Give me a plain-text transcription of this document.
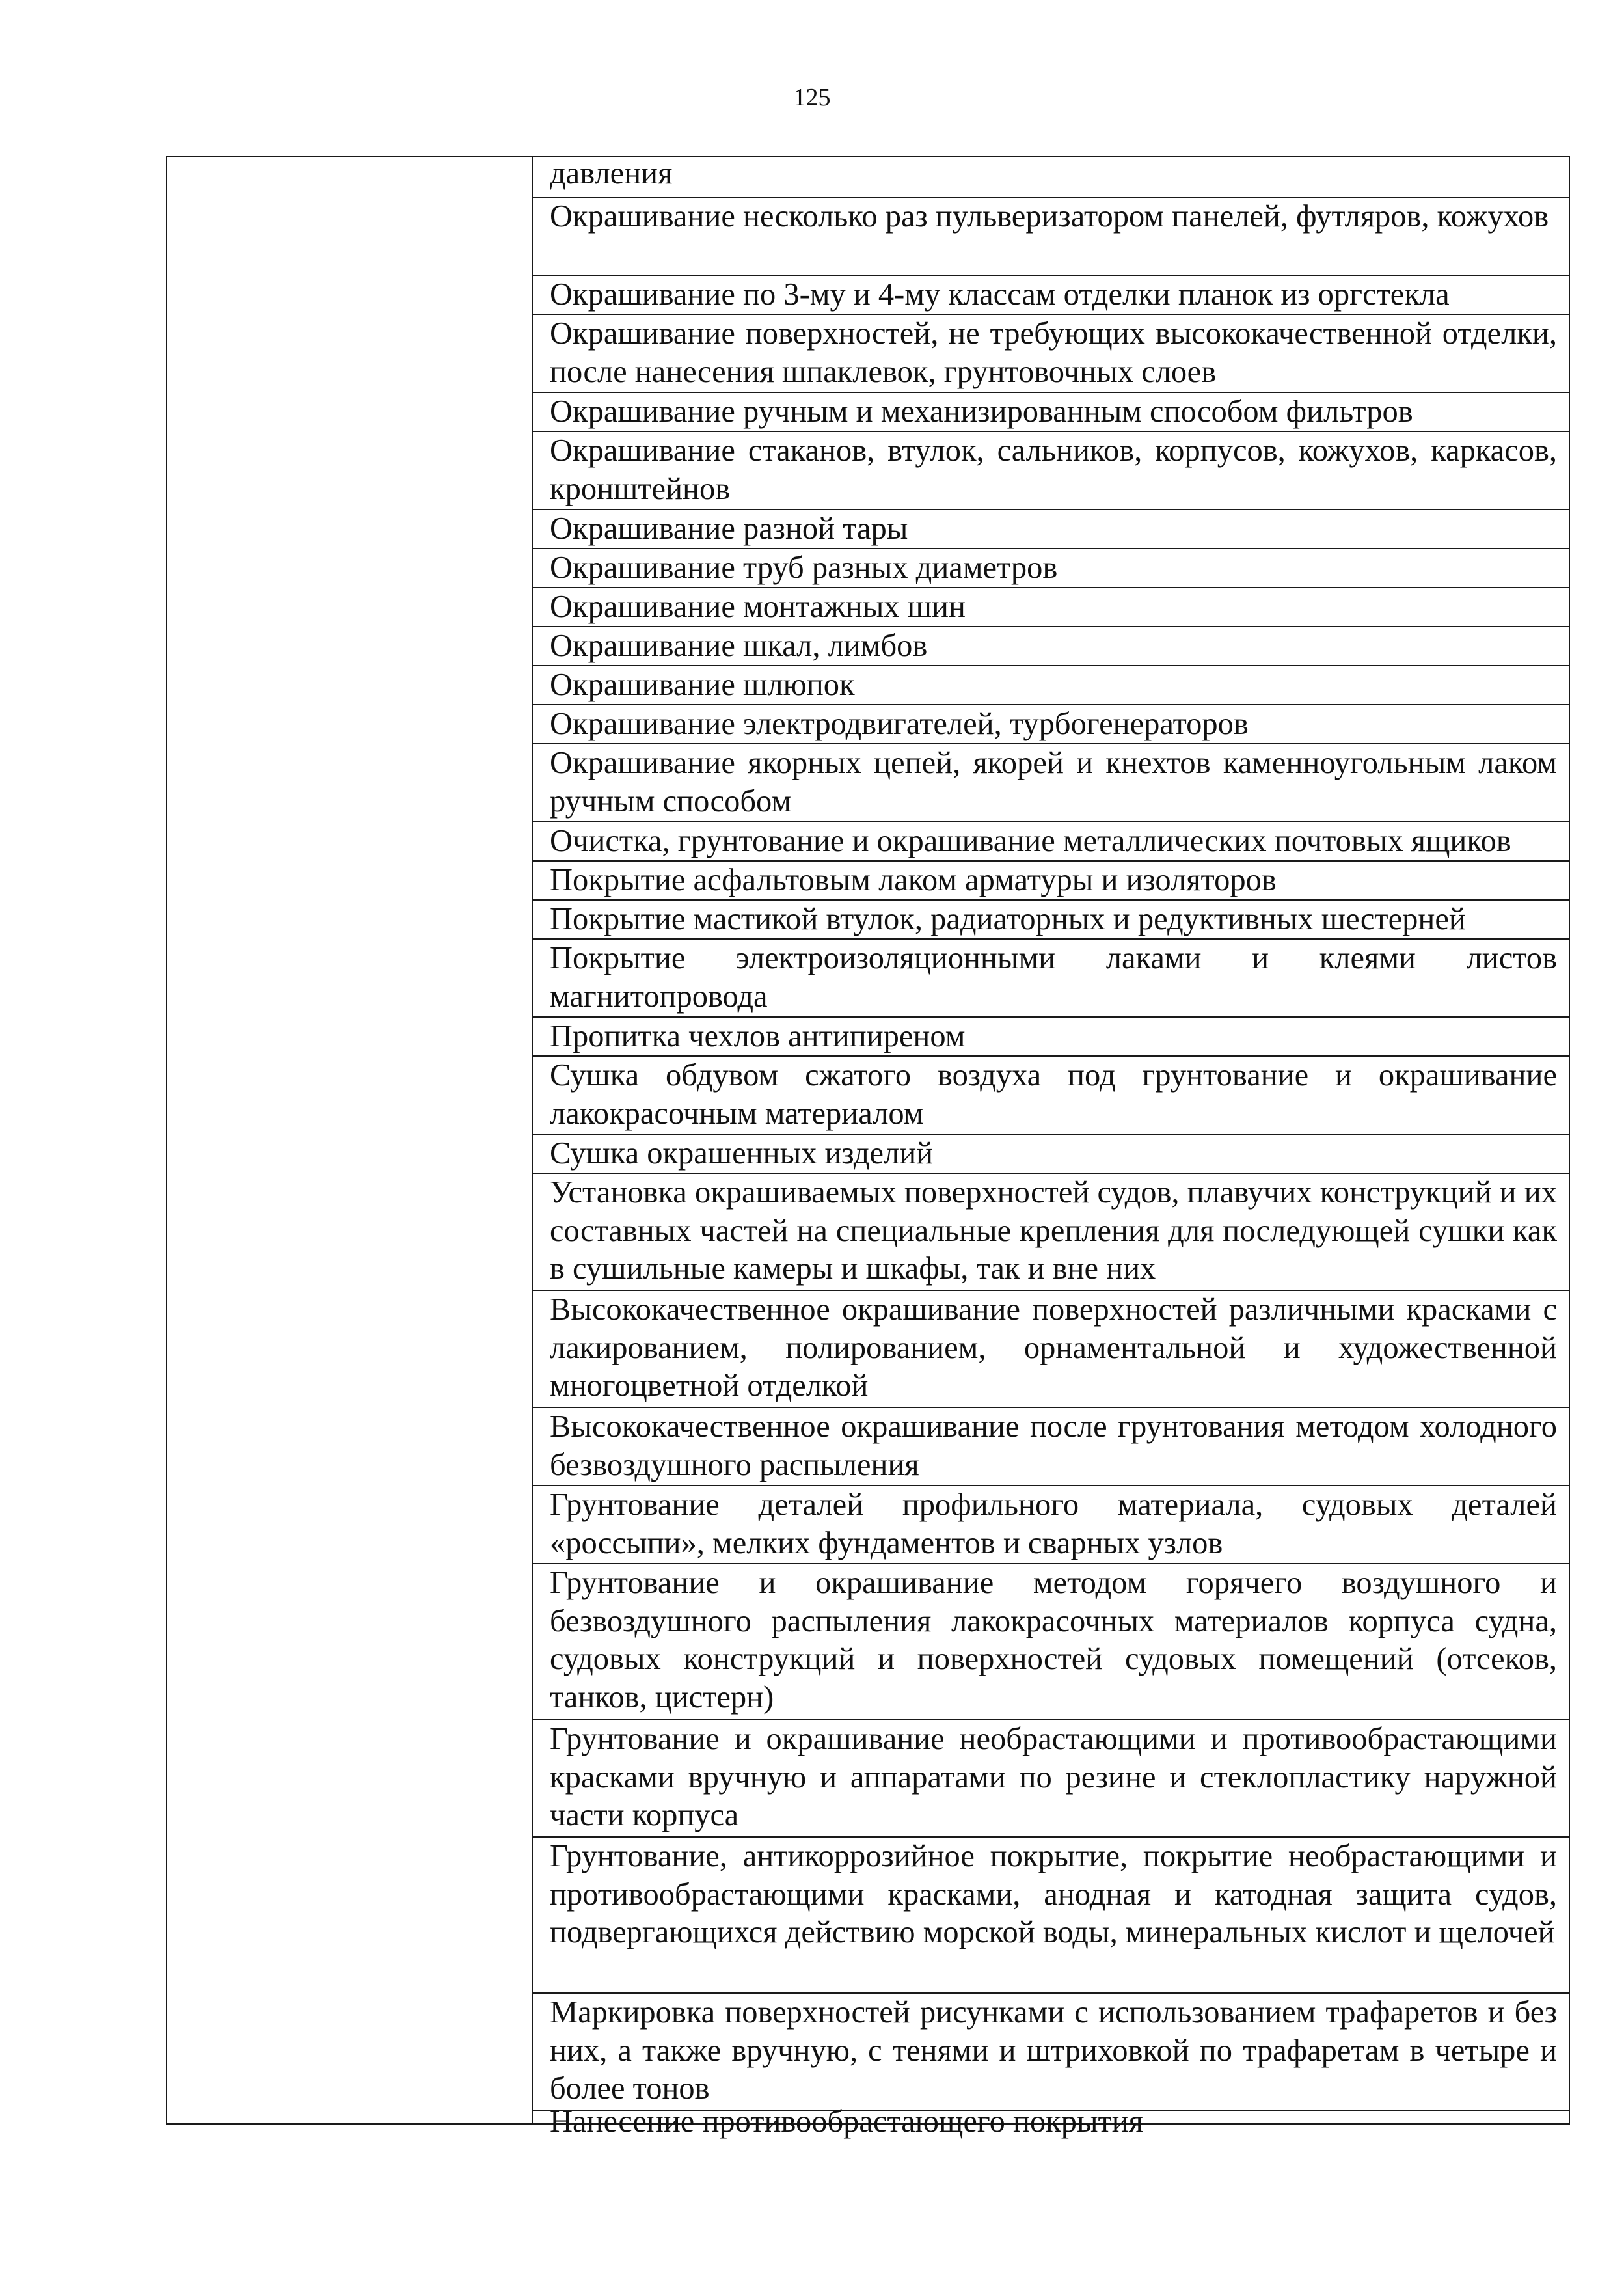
125

давления

Окрашивание несколько раз пульверизатором панелей, футляров, кожухов

Окрашивание по 3-му и 4-му классам отделки планок из оргстекла

Окрашивание поверхностей, не требующих высококачественной отделки, после нанесения шпаклевок, грунтовочных слоев

Окрашивание ручным и механизированным способом фильтров

Окрашивание стаканов, втулок, сальников, корпусов, кожухов, каркасов, кронштейнов

Окрашивание разной тары

Окрашивание труб разных диаметров

Окрашивание монтажных шин

Окрашивание шкал, лимбов

Окрашивание шлюпок

Окрашивание электродвигателей, турбогенераторов

Окрашивание якорных цепей, якорей и кнехтов каменноугольным лаком ручным способом

Очистка, грунтование и окрашивание металлических почтовых ящиков

Покрытие асфальтовым лаком арматуры и изоляторов

Покрытие мастикой втулок, радиаторных и редуктивных шестерней

Покрытие электроизоляционными лаками и клеями листов магнитопровода

Пропитка чехлов антипиреном

Сушка обдувом сжатого воздуха под грунтование и окрашивание лакокрасочным материалом

Сушка окрашенных изделий

Установка окрашиваемых поверхностей судов, плавучих конструкций и их составных частей на специальные крепления для последующей сушки как в сушильные камеры и шкафы, так и вне них

Высококачественное окрашивание поверхностей различными красками с лакированием, полированием, орнаментальной и художественной многоцветной отделкой

Высококачественное окрашивание после грунтования методом холодного безвоздушного распыления

Грунтование деталей профильного материала, судовых деталей «россыпи», мелких фундаментов и сварных узлов

Грунтование и окрашивание методом горячего воздушного и безвоздушного распыления лакокрасочных материалов корпуса судна, судовых конструкций и поверхностей судовых помещений (отсеков, танков, цистерн)

Грунтование и окрашивание необрастающими и противообрастающими красками вручную и аппаратами по резине и стеклопластику наружной части корпуса

Грунтование, антикоррозийное покрытие, покрытие необрастающими и противообрастающими красками, анодная и катодная защита судов, подвергающихся действию морской воды, минеральных кислот и щелочей

Маркировка поверхностей рисунками с использованием трафаретов и без них, а также вручную, с тенями и штриховкой по трафаретам в четыре и более тонов

Нанесение противообрастающего покрытия
